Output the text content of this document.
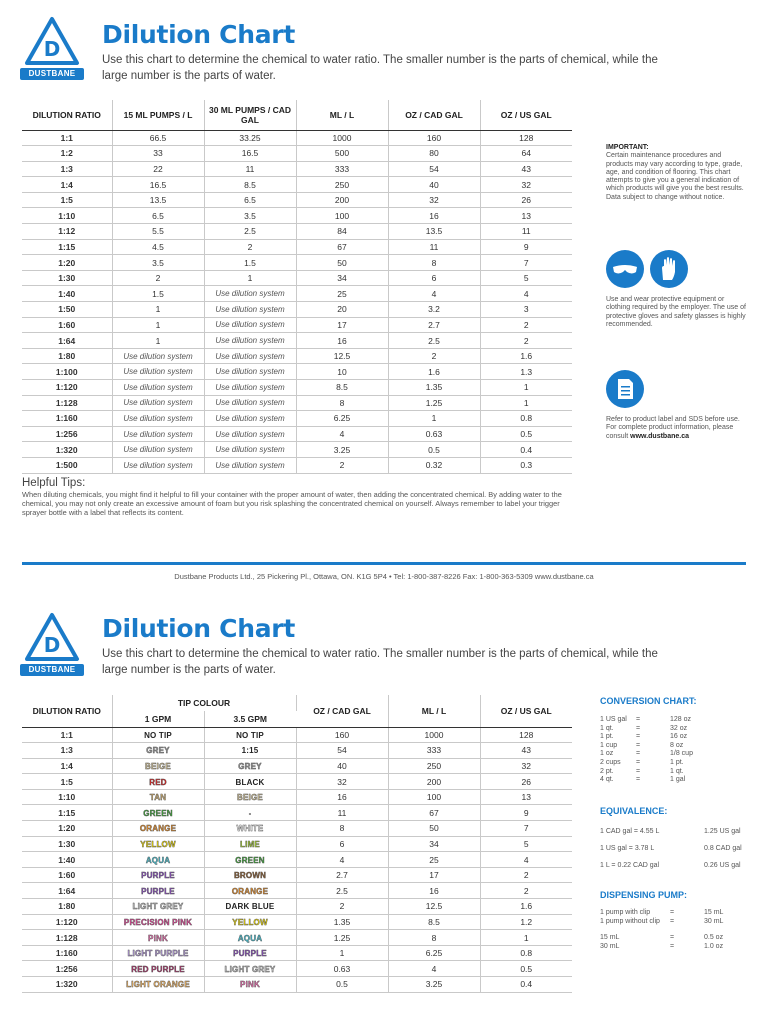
D
DUSTBANE
Dilution Chart
Use this chart to determine the chemical to water ratio. The smaller number is the parts of chemical, while the large number is the parts of water.
DILUTION RATIO	15 ML PUMPS / L	30 ML PUMPS / CAD GAL	ML / L	OZ / CAD GAL	OZ / US GAL
1:1	66.5	33.25	1000	160	128
1:2	33	16.5	500	80	64
1:3	22	11	333	54	43
1:4	16.5	8.5	250	40	32
1:5	13.5	6.5	200	32	26
1:10	6.5	3.5	100	16	13
1:12	5.5	2.5	84	13.5	11
1:15	4.5	2	67	11	9
1:20	3.5	1.5	50	8	7
1:30	2	1	34	6	5
1:40	1.5	Use dilution system	25	4	4
1:50	1	Use dilution system	20	3.2	3
1:60	1	Use dilution system	17	2.7	2
1:64	1	Use dilution system	16	2.5	2
1:80	Use dilution system	Use dilution system	12.5	2	1.6
1:100	Use dilution system	Use dilution system	10	1.6	1.3
1:120	Use dilution system	Use dilution system	8.5	1.35	1
1:128	Use dilution system	Use dilution system	8	1.25	1
1:160	Use dilution system	Use dilution system	6.25	1	0.8
1:256	Use dilution system	Use dilution system	4	0.63	0.5
1:320	Use dilution system	Use dilution system	3.25	0.5	0.4
1:500	Use dilution system	Use dilution system	2	0.32	0.3
IMPORTANT:
Certain maintenance procedures and products may vary according to type, grade, age, and condition of flooring. This chart attempts to give you a general indication of which products will give you the best results. Data subject to change without notice.
Use and wear protective equipment or clothing required by the employer. The use of protective gloves and safety glasses is highly recommended.
Refer to product label and SDS before use. For complete product information, please consult www.dustbane.ca
Helpful Tips:
When diluting chemicals, you might find it helpful to fill your container with the proper amount of water, then adding the concentrated chemical. By adding water to the chemical, you may not only create an excessive amount of foam but you risk splashing the concentrated chemical on yourself. Always remember to label your trigger sprayer bottle with a label that reflects its content.
Dustbane Products Ltd., 25 Pickering Pl., Ottawa, ON. K1G 5P4 • Tel: 1-800-387-8226 Fax: 1-800-363-5309 www.dustbane.ca
D
DUSTBANE
Dilution Chart
Use this chart to determine the chemical to water ratio. The smaller number is the parts of chemical, while the large number is the parts of water.
DILUTION RATIO	TIP COLOUR		OZ / CAD GAL	ML / L	OZ / US GAL
	1 GPM	3.5 GPM			
1:1	NO TIP	NO TIP	160	1000	128
1:3	GREY	1:15	54	333	43
1:4	BEIGE	GREY	40	250	32
1:5	RED	BLACK	32	200	26
1:10	TAN	BEIGE	16	100	13
1:15	GREEN	-	11	67	9
1:20	ORANGE	WHITE	8	50	7
1:30	YELLOW	LIME	6	34	5
1:40	AQUA	GREEN	4	25	4
1:60	PURPLE	BROWN	2.7	17	2
1:64	PURPLE	ORANGE	2.5	16	2
1:80	LIGHT GREY	DARK BLUE	2	12.5	1.6
1:120	PRECISION PINK	YELLOW	1.35	8.5	1.2
1:128	PINK	AQUA	1.25	8	1
1:160	LIGHT PURPLE	PURPLE	1	6.25	0.8
1:256	RED PURPLE	LIGHT GREY	0.63	4	0.5
1:320	LIGHT ORANGE	PINK	0.5	3.25	0.4
CONVERSION CHART:
1 US gal =	128 oz
1 qt.	=	32 oz
1 pt.	=	16 oz
1 cup	=	8 oz
1 oz	=	1/8 cup
2 cups =	1 pt.
2 pt.	=	1 qt.
4 qt.	=	1 gal
EQUIVALENCE:
1 CAD gal = 4.55 L	1.25 US gal
1 US gal = 3.78 L	0.8 CAD gal
1 L = 0.22 CAD gal	0.26 US gal
DISPENSING PUMP:
1 pump with clip	=	15 mL
1 pump without clip =	30 mL
15 mL	=	0.5 oz
30 mL	=	1.0 oz
